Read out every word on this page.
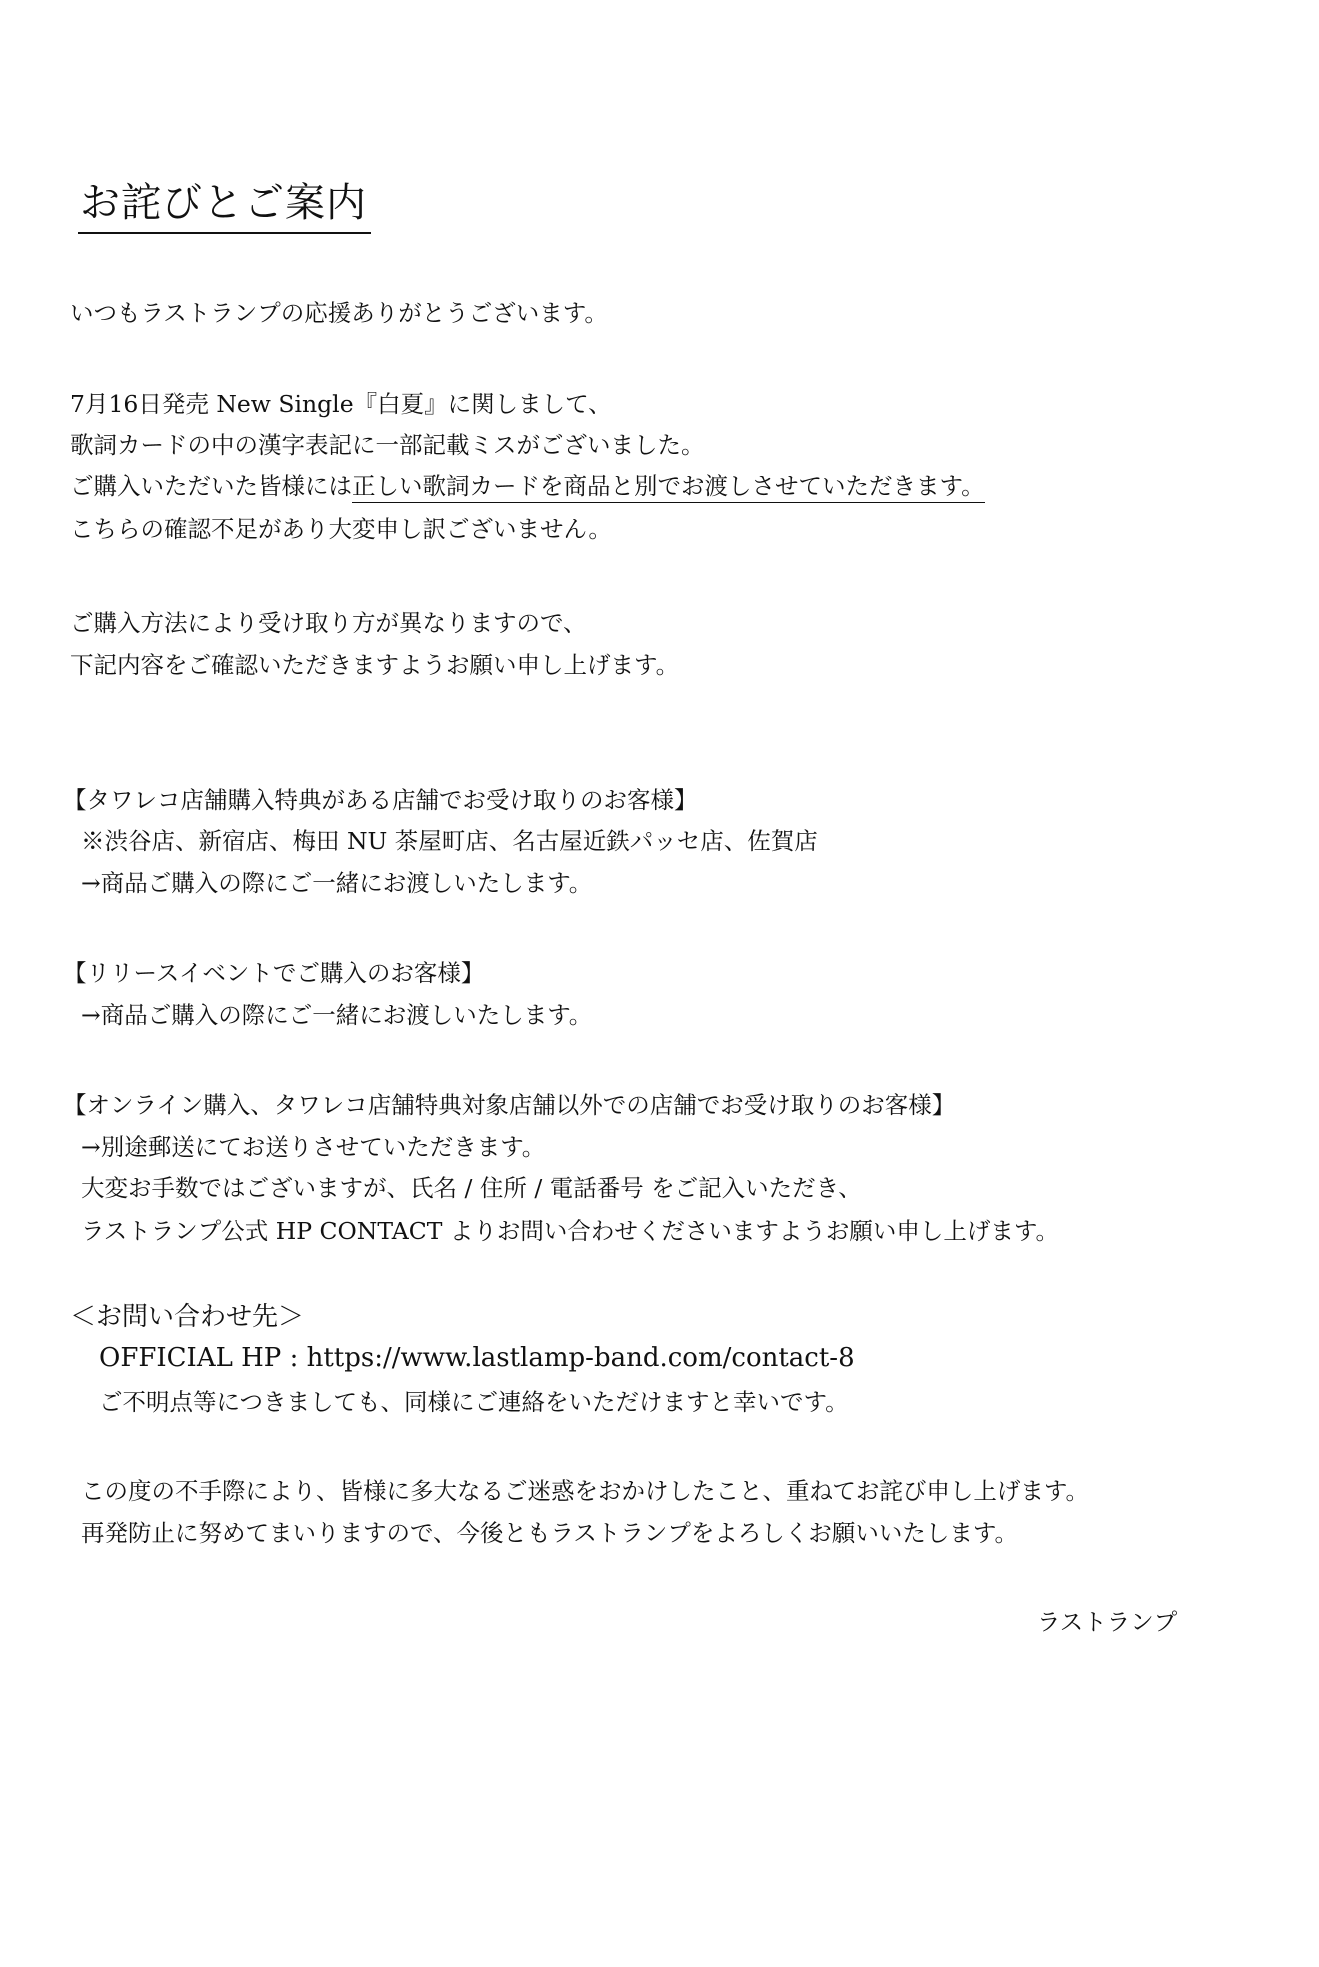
お詫びとご案内
いつもラストランプの応援ありがとうございます。
7月16日発売 New Single『白夏』に関しまして、
歌詞カードの中の漢字表記に一部記載ミスがございました。
ご購入いただいた皆様には正しい歌詞カードを商品と別でお渡しさせていただきます。
こちらの確認不足があり大変申し訳ございません。
ご購入方法により受け取り方が異なりますので、
下記内容をご確認いただきますようお願い申し上げます。
【タワレコ店舗購入特典がある店舗でお受け取りのお客様】
※渋谷店、新宿店、梅田 NU 茶屋町店、名古屋近鉄パッセ店、佐賀店
→商品ご購入の際にご一緒にお渡しいたします。
【リリースイベントでご購入のお客様】
→商品ご購入の際にご一緒にお渡しいたします。
【オンライン購入、タワレコ店舗特典対象店舗以外での店舗でお受け取りのお客様】
→別途郵送にてお送りさせていただきます。
大変お手数ではございますが、氏名 / 住所 / 電話番号 をご記入いただき、
ラストランプ公式 HP CONTACT よりお問い合わせくださいますようお願い申し上げます。
＜お問い合わせ先＞
OFFICIAL HP : https://www.lastlamp-band.com/contact-8
ご不明点等につきましても、同様にご連絡をいただけますと幸いです。
この度の不手際により、皆様に多大なるご迷惑をおかけしたこと、重ねてお詫び申し上げます。
再発防止に努めてまいりますので、今後ともラストランプをよろしくお願いいたします。
ラストランプ
